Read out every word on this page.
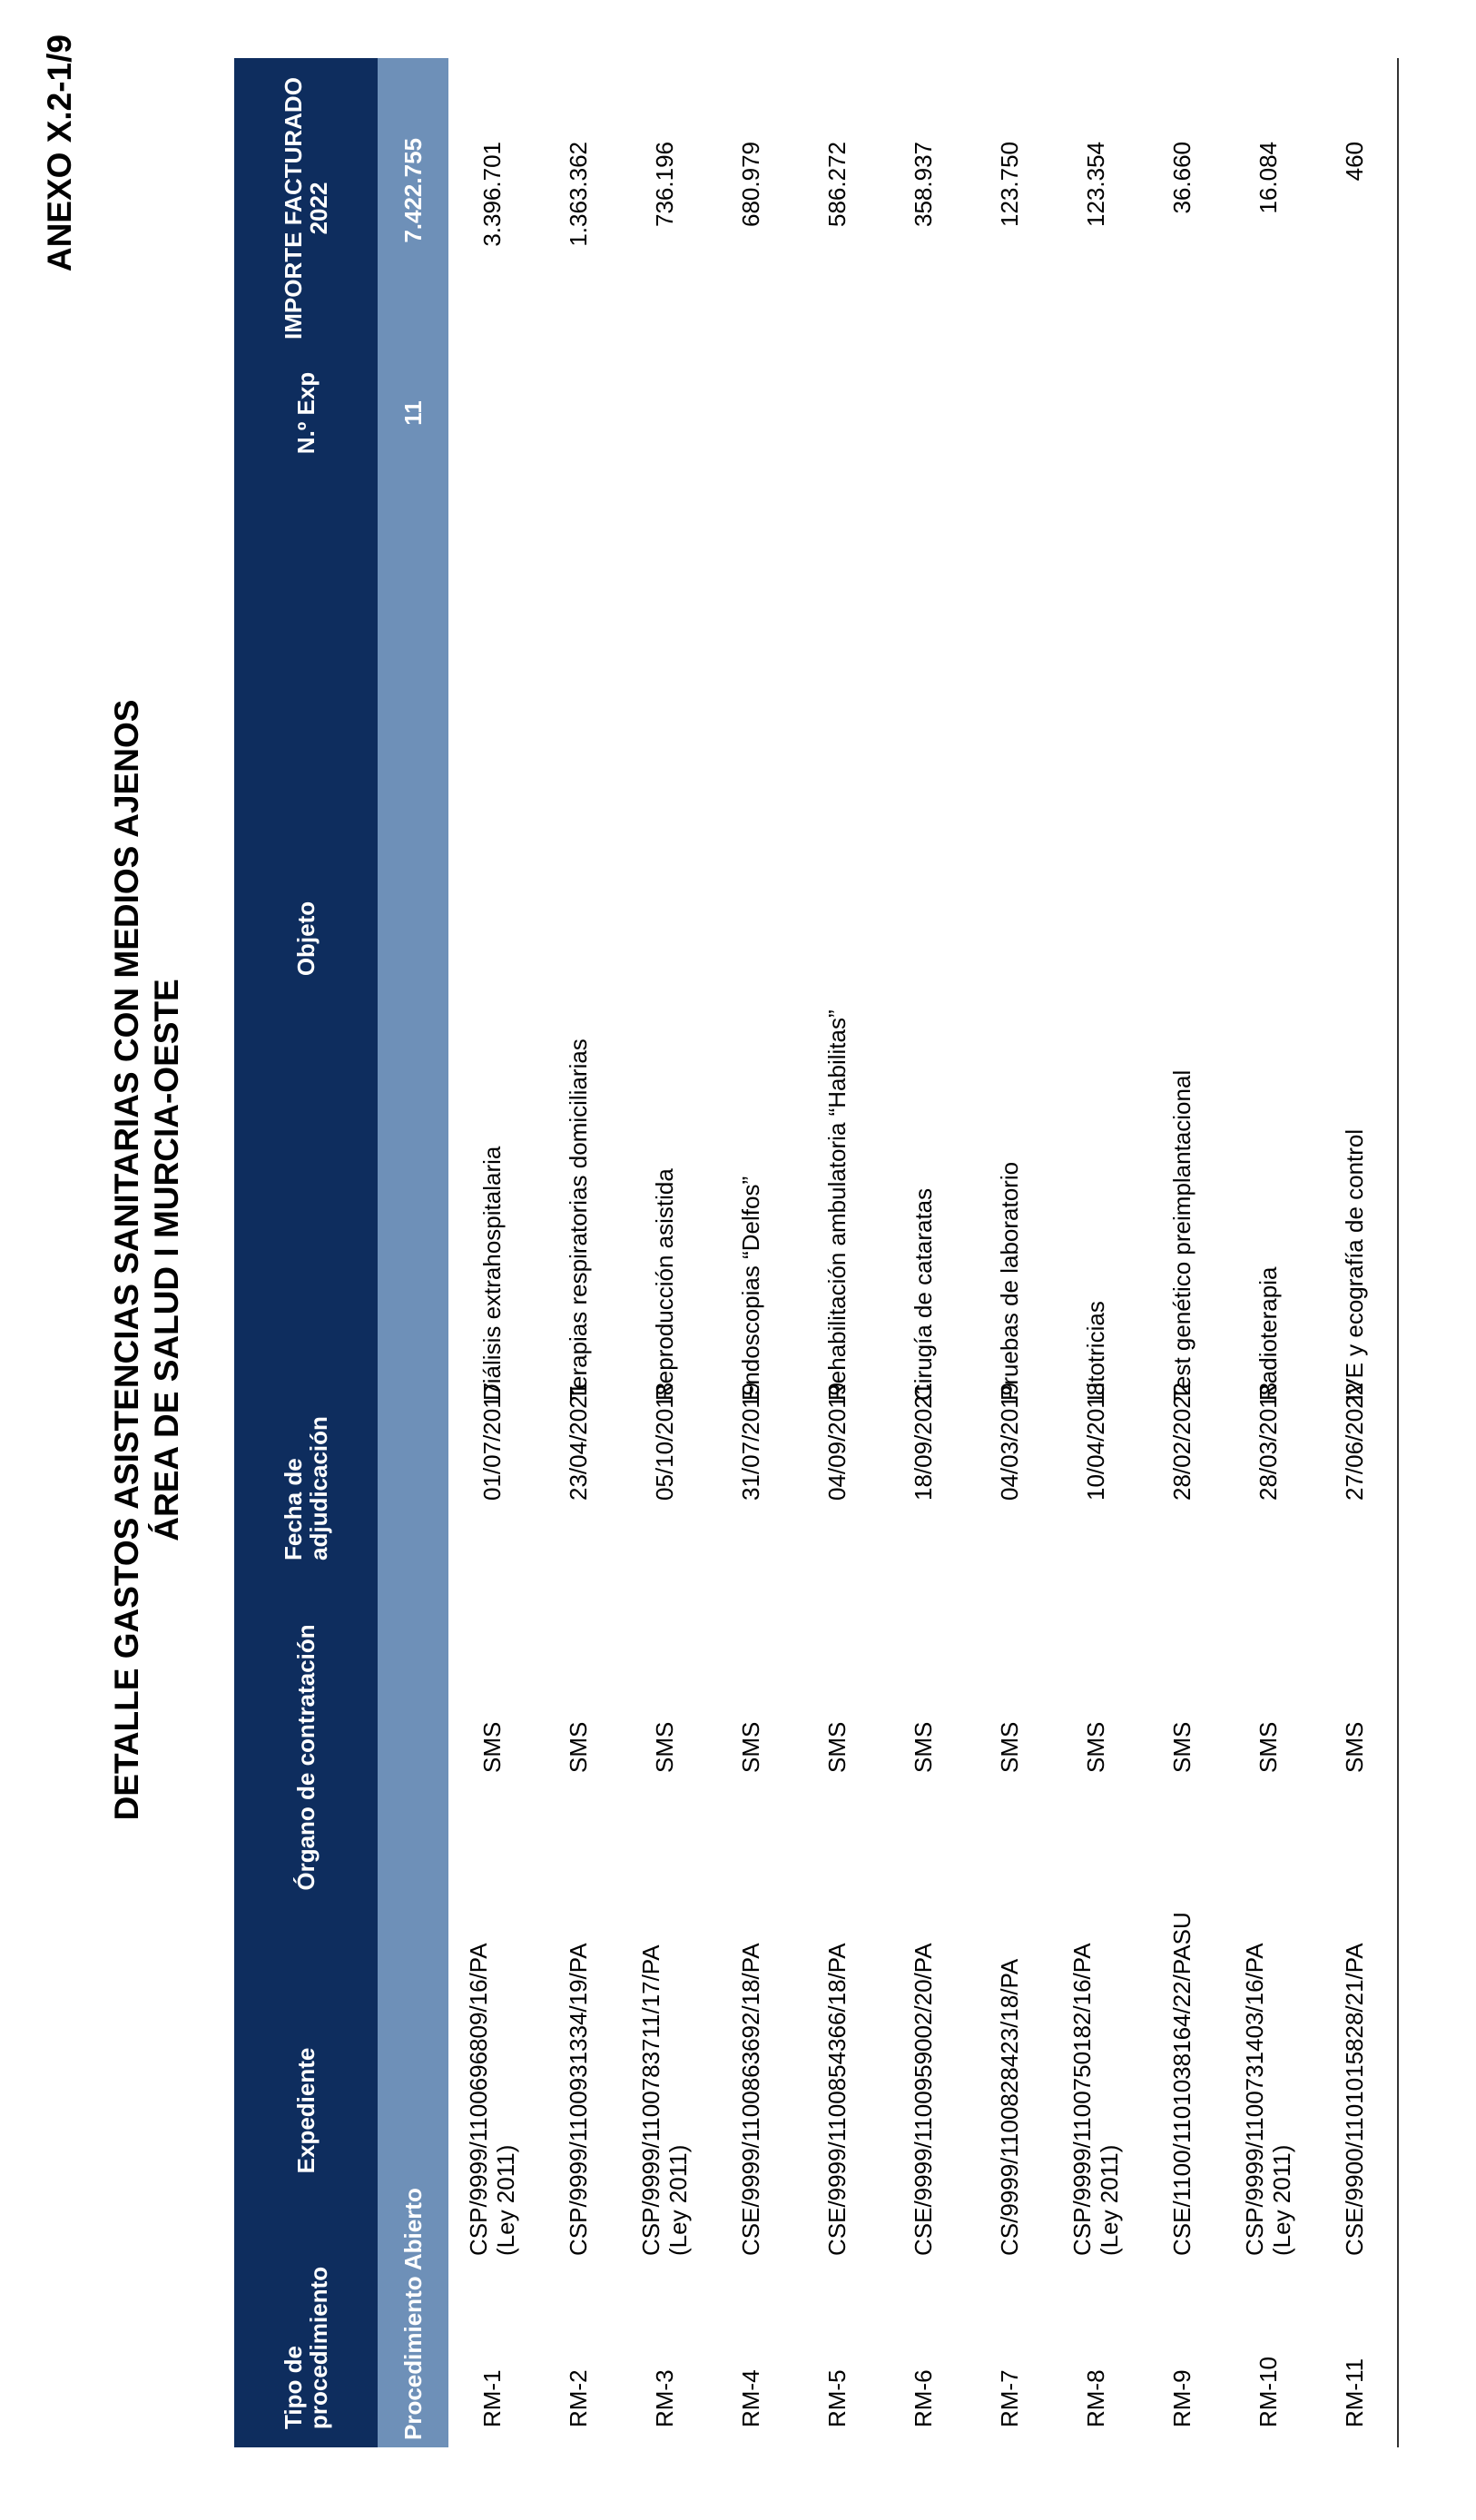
ANEXO X.2-1/9
DETALLE GASTOS ASISTENCIAS SANITARIAS CON MEDIOS AJENOS ÁREA DE SALUD I MURCIA-OESTE
Tipo de procedimiento	Expediente	Órgano de contratación	Fecha de adjudicación	Objeto	N.º Exp	IMPORTE FACTURADO 2022
Procedimiento Abierto					11	7.422.755
RM-1	CSP/9999/1100696809/16/PA (Ley 2011)	SMS	01/07/2017	Diálisis extrahospitalaria		3.396.701
RM-2	CSP/9999/1100931334/19/PA	SMS	23/04/2021	Terapias respiratorias domiciliarias		1.363.362
RM-3	CSP/9999/1100783711/17/PA (Ley 2011)	SMS	05/10/2018	Reproducción asistida		736.196
RM-4	CSE/9999/1100863692/18/PA	SMS	31/07/2019	Endoscopias “Delfos”		680.979
RM-5	CSE/9999/1100854366/18/PA	SMS	04/09/2019	Rehabilitación ambulatoria “Habilitas”		586.272
RM-6	CSE/9999/1100959002/20/PA	SMS	18/09/2021	Cirugía de cataratas		358.937
RM-7	CS/9999/1100828423/18/PA	SMS	04/03/2019	Pruebas de laboratorio		123.750
RM-8	CSP/9999/1100750182/16/PA (Ley 2011)	SMS	10/04/2018	Litotricias		123.354
RM-9	CSE/1100/1101038164/22/PASU	SMS	28/02/2022	Test genético preimplantacional		36.660
RM-10	CSP/9999/1100731403/16/PA (Ley 2011)	SMS	28/03/2018	Radioterapia		16.084
RM-11	CSE/9900/1101015828/21/PA	SMS	27/06/2022	IVE y ecografía de control		460
